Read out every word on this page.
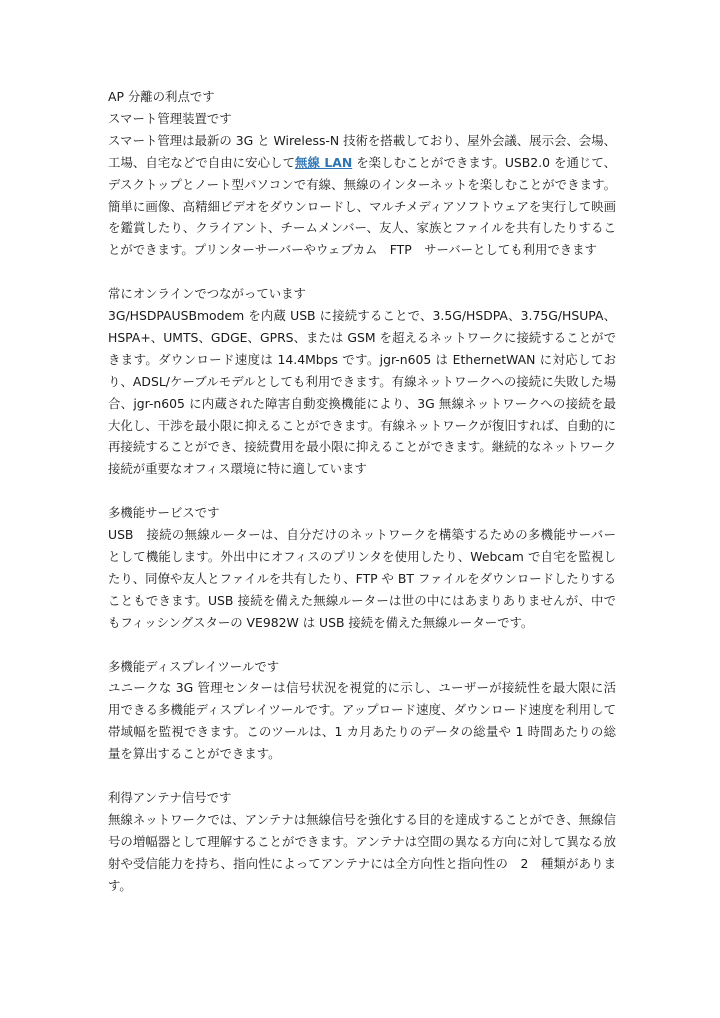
AP 分離の利点です

スマート管理装置です

スマート管理は最新の 3G と Wireless-N 技術を搭載しており、屋外会議、展示会、会場、工場、自宅などで自由に安心して無線 LAN を楽しむことができます。USB2.0 を通じて、デスクトップとノート型パソコンで有線、無線のインターネットを楽しむことができます。簡単に画像、高精細ビデオをダウンロードし、マルチメディアソフトウェアを実行して映画を鑑賞したり、クライアント、チームメンバー、友人、家族とファイルを共有したりすることができます。プリンターサーバーやウェブカム　FTP　サーバーとしても利用できます

常にオンラインでつながっています

3G/HSDPAUSBmodem を内蔵 USB に接続することで、3.5G/HSDPA、3.75G/HSUPA、HSPA+、UMTS、GDGE、GPRS、または GSM を超えるネットワークに接続することができます。ダウンロード速度は 14.4Mbps です。jgr-n605 は EthernetWAN に対応しており、ADSL/ケーブルモデルとしても利用できます。有線ネットワークへの接続に失敗した場合、jgr-n605 に内蔵された障害自動変換機能により、3G 無線ネットワークへの接続を最大化し、干渉を最小限に抑えることができます。有線ネットワークが復旧すれば、自動的に再接続することができ、接続費用を最小限に抑えることができます。継続的なネットワーク接続が重要なオフィス環境に特に適しています

多機能サービスです

USB　接続の無線ルーターは、自分だけのネットワークを構築するための多機能サーバーとして機能します。外出中にオフィスのプリンタを使用したり、Webcam で自宅を監視したり、同僚や友人とファイルを共有したり、FTP や BT ファイルをダウンロードしたりすることもできます。USB 接続を備えた無線ルーターは世の中にはあまりありませんが、中でもフィッシングスターの VE982W は USB 接続を備えた無線ルーターです。

多機能ディスプレイツールです

ユニークな 3G 管理センターは信号状況を視覚的に示し、ユーザーが接続性を最大限に活用できる多機能ディスプレイツールです。アップロード速度、ダウンロード速度を利用して帯域幅を監視できます。このツールは、1 カ月あたりのデータの総量や 1 時間あたりの総量を算出することができます。

利得アンテナ信号です

無線ネットワークでは、アンテナは無線信号を強化する目的を達成することができ、無線信号の増幅器として理解することができます。アンテナは空間の異なる方向に対して異なる放射や受信能力を持ち、指向性によってアンテナには全方向性と指向性の　2　種類があります。
